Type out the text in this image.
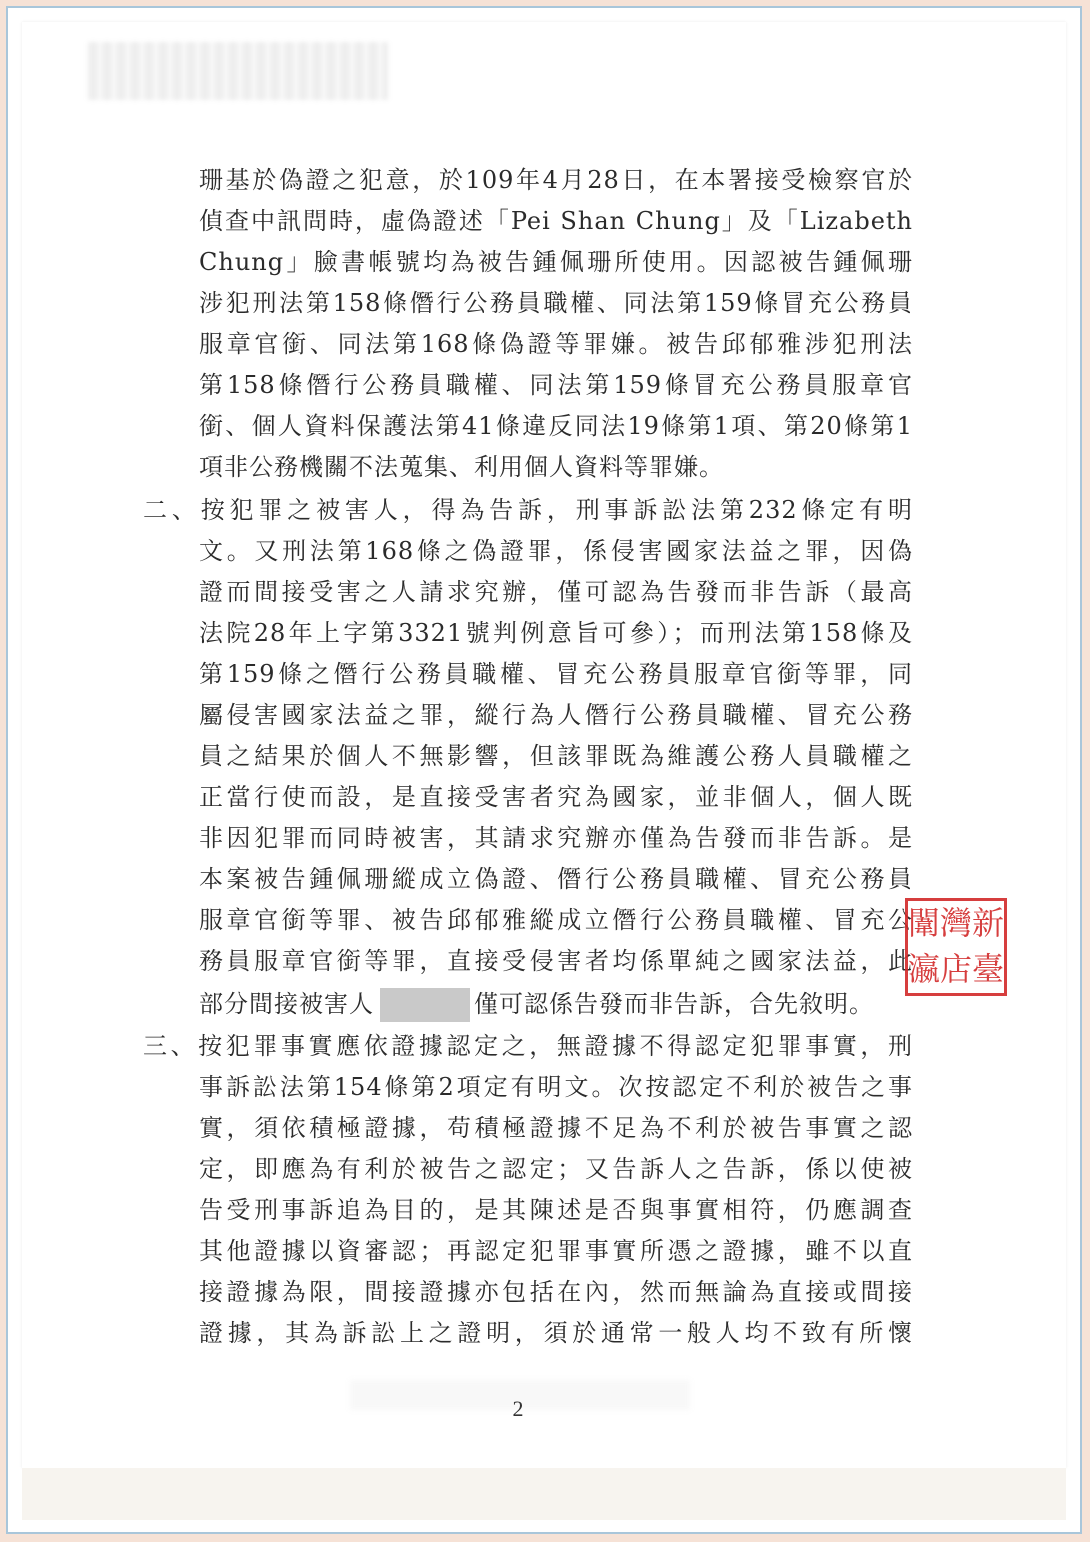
珊基於偽證之犯意，於109年4月28日，在本署接受檢察官於
偵查中訊問時，虛偽證述「Pei Shan Chung」及「Lizabeth
Chung」臉書帳號均為被告鍾佩珊所使用。因認被告鍾佩珊
涉犯刑法第158條僭行公務員職權、同法第159條冒充公務員
服章官銜、同法第168條偽證等罪嫌。被告邱郁雅涉犯刑法
第158條僭行公務員職權、同法第159條冒充公務員服章官
銜、個人資料保護法第41條違反同法19條第1項、第20條第1
項非公務機關不法蒐集、利用個人資料等罪嫌。
二、按犯罪之被害人，得為告訴，刑事訴訟法第232條定有明
文。又刑法第168條之偽證罪，係侵害國家法益之罪，因偽
證而間接受害之人請求究辦，僅可認為告發而非告訴（最高
法院28年上字第3321號判例意旨可參）；而刑法第158條及
第159條之僭行公務員職權、冒充公務員服章官銜等罪，同
屬侵害國家法益之罪，縱行為人僭行公務員職權、冒充公務
員之結果於個人不無影響，但該罪既為維護公務人員職權之
正當行使而設，是直接受害者究為國家，並非個人，個人既
非因犯罪而同時被害，其請求究辦亦僅為告發而非告訴。是
本案被告鍾佩珊縱成立偽證、僭行公務員職權、冒充公務員
服章官銜等罪、被告邱郁雅縱成立僭行公務員職權、冒充公
務員服章官銜等罪，直接受侵害者均係單純之國家法益，此
部分間接被害人	僅可認係告發而非告訴，合先敘明。
三、按犯罪事實應依證據認定之，無證據不得認定犯罪事實，刑
事訴訟法第154條第2項定有明文。次按認定不利於被告之事
實，須依積極證據，苟積極證據不足為不利於被告事實之認
定，即應為有利於被告之認定；又告訴人之告訴，係以使被
告受刑事訴追為目的，是其陳述是否與事實相符，仍應調查
其他證據以資審認；再認定犯罪事實所憑之證據，雖不以直
接證據為限，間接證據亦包括在內，然而無論為直接或間接
證據，其為訴訟上之證明，須於通常一般人均不致有所懷
闈 灣 新
瀛 店 臺
2
